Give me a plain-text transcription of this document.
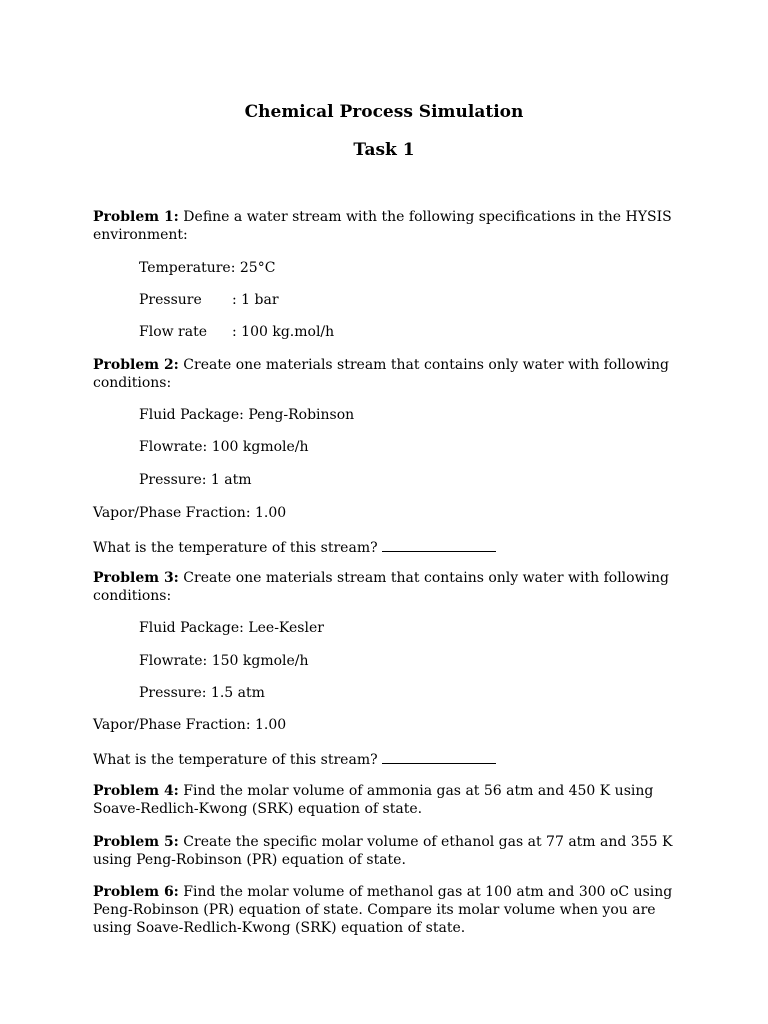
Chemical Process Simulation
Task 1

Problem 1: Define a water stream with the following specifications in the HYSIS environment:

Temperature: 25°C

Pressure : 1 bar

Flow rate : 100 kg.mol/h

Problem 2: Create one materials stream that contains only water with following conditions:

Fluid Package: Peng-Robinson

Flowrate: 100 kgmole/h

Pressure: 1 atm

Vapor/Phase Fraction: 1.00

What is the temperature of this stream?

Problem 3: Create one materials stream that contains only water with following conditions:

Fluid Package: Lee-Kesler

Flowrate: 150 kgmole/h

Pressure: 1.5 atm

Vapor/Phase Fraction: 1.00

What is the temperature of this stream?

Problem 4: Find the molar volume of ammonia gas at 56 atm and 450 K using Soave-Redlich-Kwong (SRK) equation of state.

Problem 5: Create the specific molar volume of ethanol gas at 77 atm and 355 K using Peng-Robinson (PR) equation of state.

Problem 6: Find the molar volume of methanol gas at 100 atm and 300 oC using Peng-Robinson (PR) equation of state. Compare its molar volume when you are using Soave-Redlich-Kwong (SRK) equation of state.
